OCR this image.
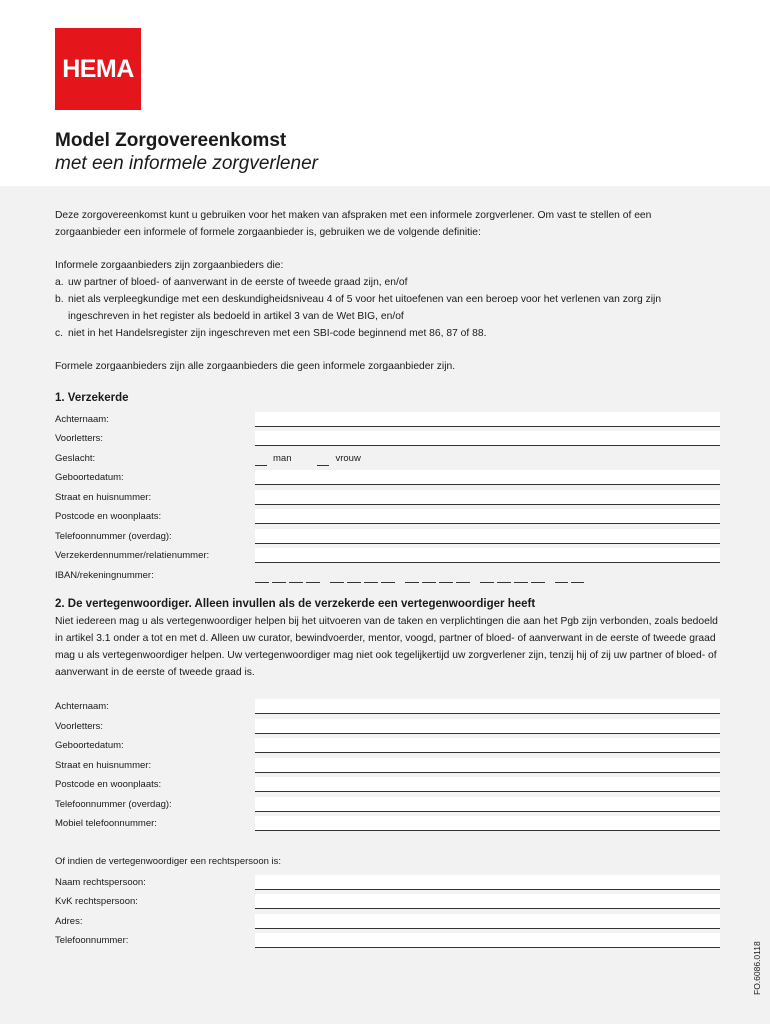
HEMA

Model Zorgovereenkomst

met een informele zorgverlener

Deze zorgovereenkomst kunt u gebruiken voor het maken van afspraken met een informele zorgverlener. Om vast te stellen of een zorgaanbieder een informele of formele zorgaanbieder is, gebruiken we de volgende definitie:

Informele zorgaanbieders zijn zorgaanbieders die:

a. uw partner of bloed- of aanverwant in de eerste of tweede graad zijn, en/of
b. niet als verpleegkundige met een deskundigheidsniveau 4 of 5 voor het uitoefenen van een beroep voor het verlenen van zorg zijn ingeschreven in het register als bedoeld in artikel 3 van de Wet BIG, en/of
c. niet in het Handelsregister zijn ingeschreven met een SBI-code beginnend met 86, 87 of 88.

Formele zorgaanbieders zijn alle zorgaanbieders die geen informele zorgaanbieder zijn.

1. Verzekerde
Achternaam:
Voorletters:
Geslacht:	man	vrouw
Geboortedatum:
Straat en huisnummer:
Postcode en woonplaats:
Telefoonnummer (overdag):
Verzekerdennummer/relatienummer:
IBAN/rekeningnummer:
2. De vertegenwoordiger. Alleen invullen als de verzekerde een vertegenwoordiger heeft

Niet iedereen mag u als vertegenwoordiger helpen bij het uitvoeren van de taken en verplichtingen die aan het Pgb zijn verbonden, zoals bedoeld in artikel 3.1 onder a tot en met d. Alleen uw curator, bewindvoerder, mentor, voogd, partner of bloed- of aanverwant in de eerste of tweede graad mag u als vertegenwoordiger helpen. Uw vertegenwoordiger mag niet ook tegelijkertijd uw zorgverlener zijn, tenzij hij of zij uw partner of bloed- of aanverwant in de eerste of tweede graad is.

Achternaam:
Voorletters:
Geboortedatum:
Straat en huisnummer:
Postcode en woonplaats:
Telefoonnummer (overdag):
Mobiel telefoonnummer:

Of indien de vertegenwoordiger een rechtspersoon is:

Naam rechtspersoon:
KvK rechtspersoon:
Adres:
Telefoonnummer:
FO.6086.0118
